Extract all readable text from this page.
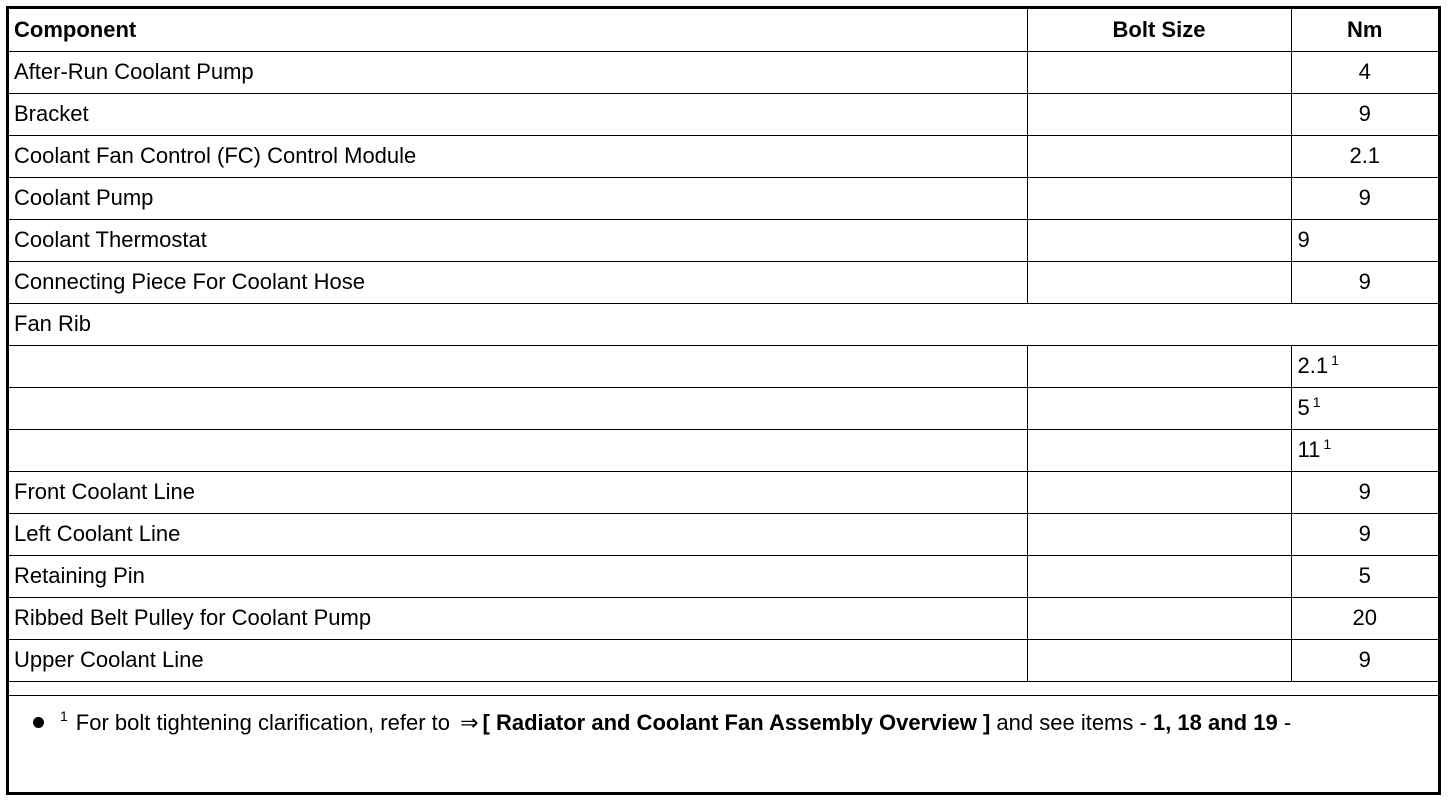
Component	Bolt Size	Nm
After-Run Coolant Pump		4
Bracket		9
Coolant Fan Control (FC) Control Module		2.1
Coolant Pump		9
Coolant Thermostat		9
Connecting Piece For Coolant Hose		9
Fan Rib		
		2.1 $^1$
		5 $^1$
		11 $^1$
Front Coolant Line		9
Left Coolant Line		9
Retaining Pin		5
Ribbed Belt Pulley for Coolant Pump		20
Upper Coolant Line		9
$^1$ For bolt tightening clarification, refer to ⇒ [ Radiator and Coolant Fan Assembly Overview ] and see items - 1, 18 and 19 -
